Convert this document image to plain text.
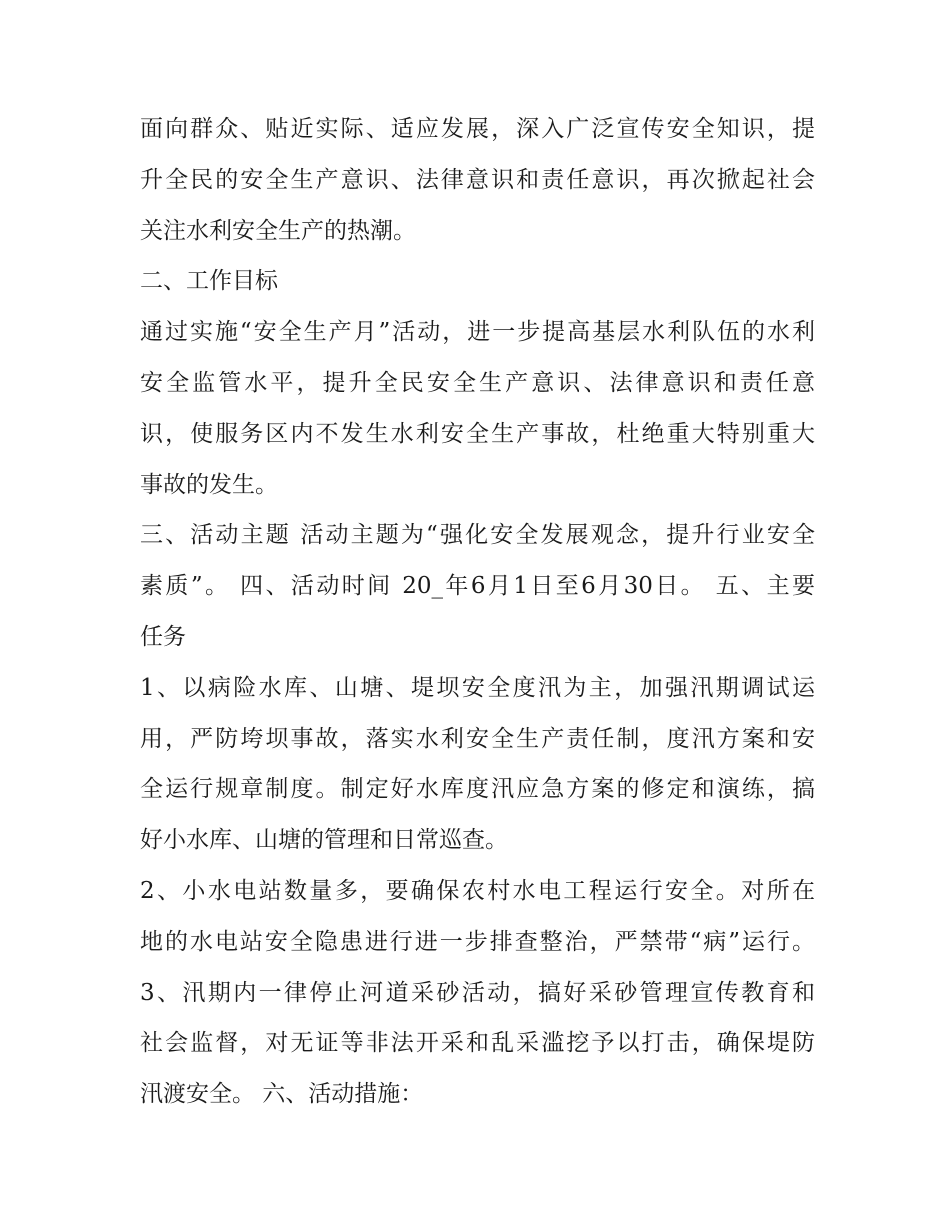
面向群众、贴近实际、适应发展，深入广泛宣传安全知识，提
升全民的安全生产意识、法律意识和责任意识，再次掀起社会
关注水利安全生产的热潮。
二、工作目标
通过实施“安全生产月”活动，进一步提高基层水利队伍的水利
安全监管水平，提升全民安全生产意识、法律意识和责任意
识，使服务区内不发生水利安全生产事故，杜绝重大特别重大
事故的发生。
三、活动主题 活动主题为“强化安全发展观念，提升行业安全
素质”。 四、活动时间 20_年6月1日至6月30日。 五、主要
任务
1、以病险水库、山塘、堤坝安全度汛为主，加强汛期调试运
用，严防垮坝事故，落实水利安全生产责任制，度汛方案和安
全运行规章制度。制定好水库度汛应急方案的修定和演练，搞
好小水库、山塘的管理和日常巡查。
2、小水电站数量多，要确保农村水电工程运行安全。对所在
地的水电站安全隐患进行进一步排查整治，严禁带“病”运行。
3、汛期内一律停止河道采砂活动，搞好采砂管理宣传教育和
社会监督，对无证等非法开采和乱采滥挖予以打击，确保堤防
汛渡安全。 六、活动措施：
